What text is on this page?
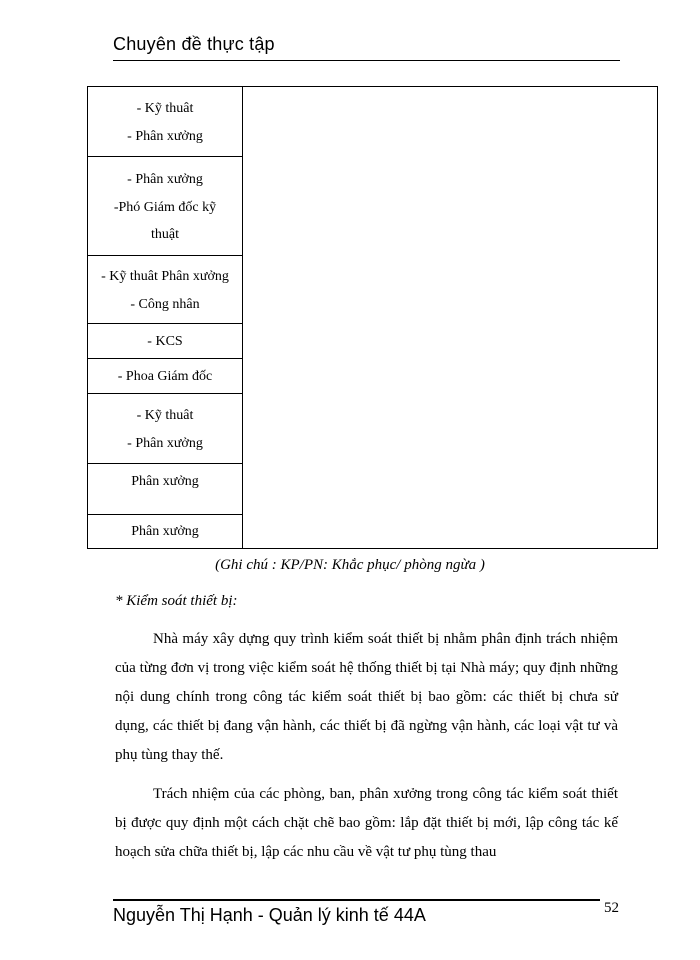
Chuyên đề thực tập
- Kỹ thuât
- Phân xưởng

- Phân xưởng
-Phó Giám đốc kỹ
thuật

- Kỹ thuât Phân xưởng
- Công nhân

- KCS

- Phoa Giám đốc

- Kỹ thuât
- Phân xưởng

Phân xưởng

Phân xưởng
(Ghi chú : KP/PN: Khắc phục/ phòng ngừa )
* Kiểm soát thiết bị:

Nhà máy xây dựng quy trình kiểm soát thiết bị nhằm phân định trách nhiệm của từng đơn vị trong việc kiểm soát hệ thống thiết bị tại Nhà máy; quy định những nội dung chính trong công tác kiểm soát thiết bị bao gồm: các thiết bị chưa sử dụng, các thiết bị đang vận hành, các thiết bị đã ngừng vận hành, các loại vật tư và phụ tùng thay thế.

Trách nhiệm của các phòng, ban, phân xưởng trong công tác kiểm soát thiết bị được quy định một cách chặt chẽ bao gồm: lắp đặt thiết bị mới, lập công tác kế hoạch sửa chữa thiết bị, lập các nhu cầu về vật tư phụ tùng thau

Nguyễn Thị Hạnh - Quản lý kinh tế 44A	52
